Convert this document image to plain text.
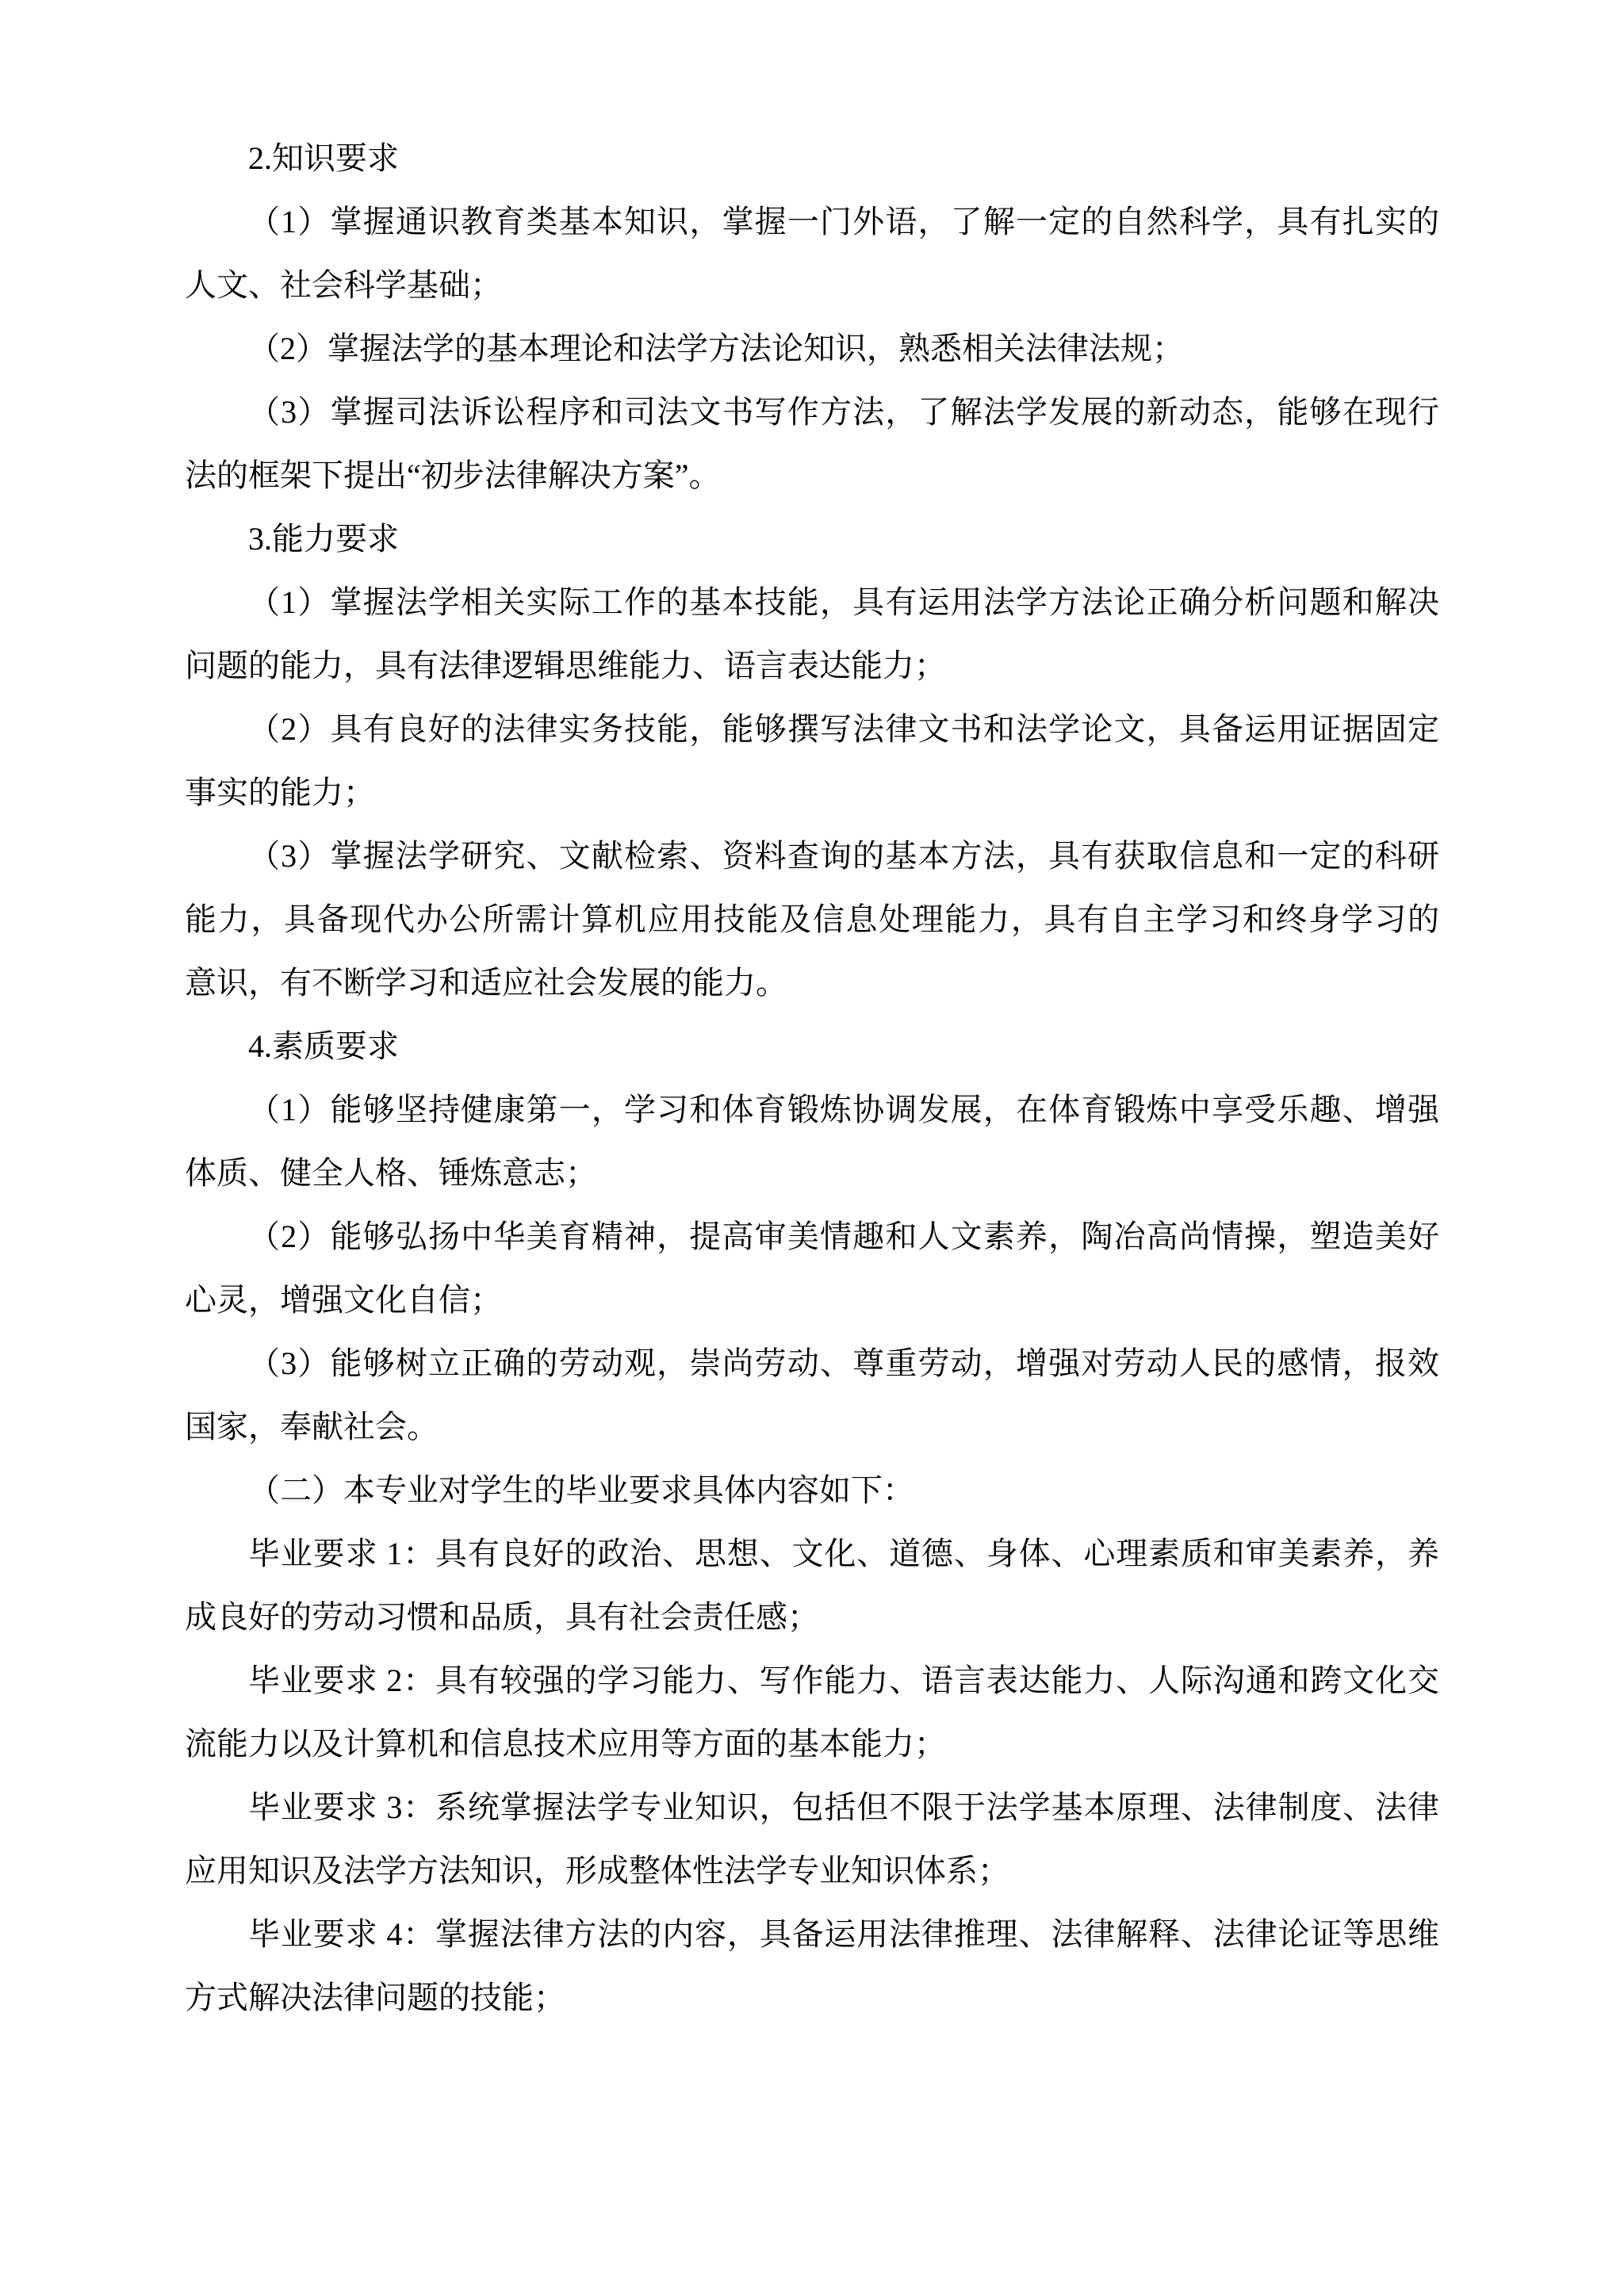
2.知识要求
（1）掌握通识教育类基本知识，掌握一门外语，了解一定的自然科学，具有扎实的
人文、社会科学基础；
（2）掌握法学的基本理论和法学方法论知识，熟悉相关法律法规；
（3）掌握司法诉讼程序和司法文书写作方法，了解法学发展的新动态，能够在现行
法的框架下提出“初步法律解决方案”。
3.能力要求
（1）掌握法学相关实际工作的基本技能，具有运用法学方法论正确分析问题和解决
问题的能力，具有法律逻辑思维能力、语言表达能力；
（2）具有良好的法律实务技能，能够撰写法律文书和法学论文，具备运用证据固定
事实的能力；
（3）掌握法学研究、文献检索、资料查询的基本方法，具有获取信息和一定的科研
能力，具备现代办公所需计算机应用技能及信息处理能力，具有自主学习和终身学习的
意识，有不断学习和适应社会发展的能力。
4.素质要求
（1）能够坚持健康第一，学习和体育锻炼协调发展，在体育锻炼中享受乐趣、增强
体质、健全人格、锤炼意志；
（2）能够弘扬中华美育精神，提高审美情趣和人文素养，陶冶高尚情操，塑造美好
心灵，增强文化自信；
（3）能够树立正确的劳动观，崇尚劳动、尊重劳动，增强对劳动人民的感情，报效
国家，奉献社会。
（二）本专业对学生的毕业要求具体内容如下：
毕业要求 1：具有良好的政治、思想、文化、道德、身体、心理素质和审美素养，养
成良好的劳动习惯和品质，具有社会责任感；
毕业要求 2：具有较强的学习能力、写作能力、语言表达能力、人际沟通和跨文化交
流能力以及计算机和信息技术应用等方面的基本能力；
毕业要求 3：系统掌握法学专业知识，包括但不限于法学基本原理、法律制度、法律
应用知识及法学方法知识，形成整体性法学专业知识体系；
毕业要求 4：掌握法律方法的内容，具备运用法律推理、法律解释、法律论证等思维
方式解决法律问题的技能；
